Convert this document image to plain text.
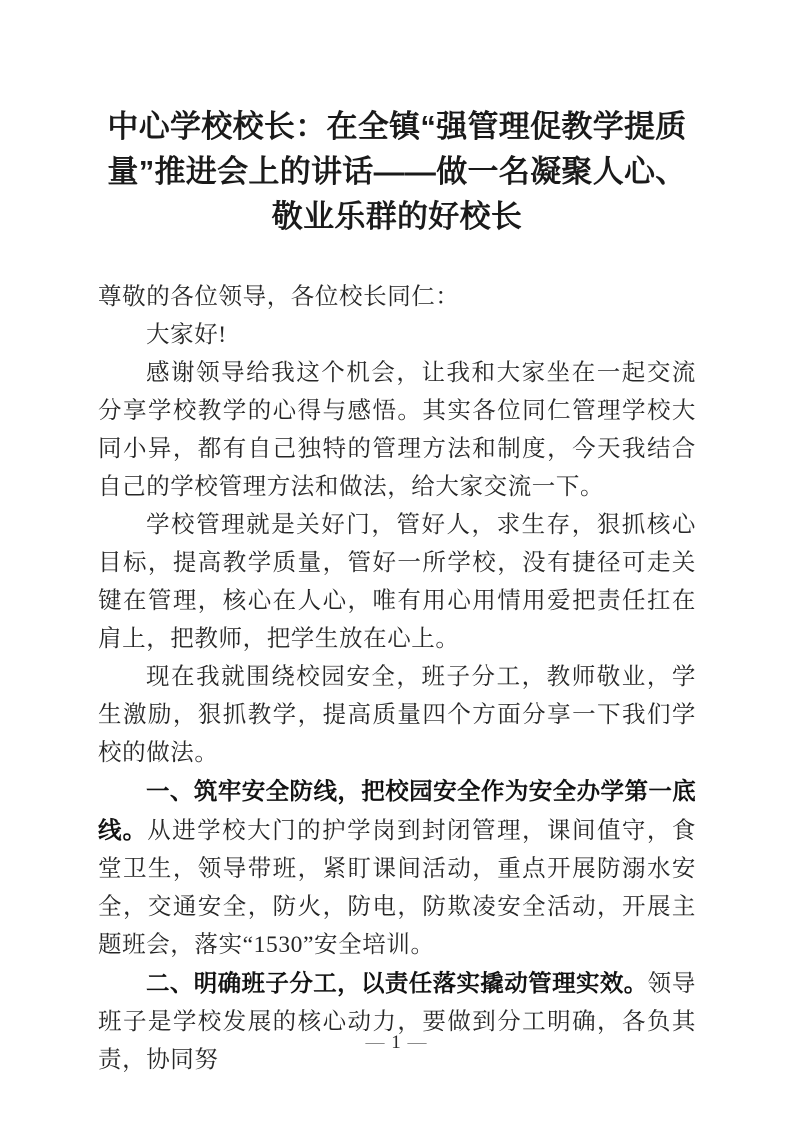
中心学校校长：在全镇“强管理促教学提质量”推进会上的讲话——做一名凝聚人心、敬业乐群的好校长

尊敬的各位领导，各位校长同仁：

大家好!

感谢领导给我这个机会，让我和大家坐在一起交流分享学校教学的心得与感悟。其实各位同仁管理学校大同小异，都有自己独特的管理方法和制度，今天我结合自己的学校管理方法和做法，给大家交流一下。

学校管理就是关好门，管好人，求生存，狠抓核心目标，提高教学质量，管好一所学校，没有捷径可走关键在管理，核心在人心，唯有用心用情用爱把责任扛在肩上，把教师，把学生放在心上。

现在我就围绕校园安全，班子分工，教师敬业，学生激励，狠抓教学，提高质量四个方面分享一下我们学校的做法。

一、筑牢安全防线，把校园安全作为安全办学第一底线。从进学校大门的护学岗到封闭管理，课间值守，食堂卫生，领导带班，紧盯课间活动，重点开展防溺水安全，交通安全，防火，防电，防欺凌安全活动，开展主题班会，落实“1530”安全培训。

二、明确班子分工，以责任落实撬动管理实效。领导班子是学校发展的核心动力，要做到分工明确，各负其责，协同努

— 1 —
